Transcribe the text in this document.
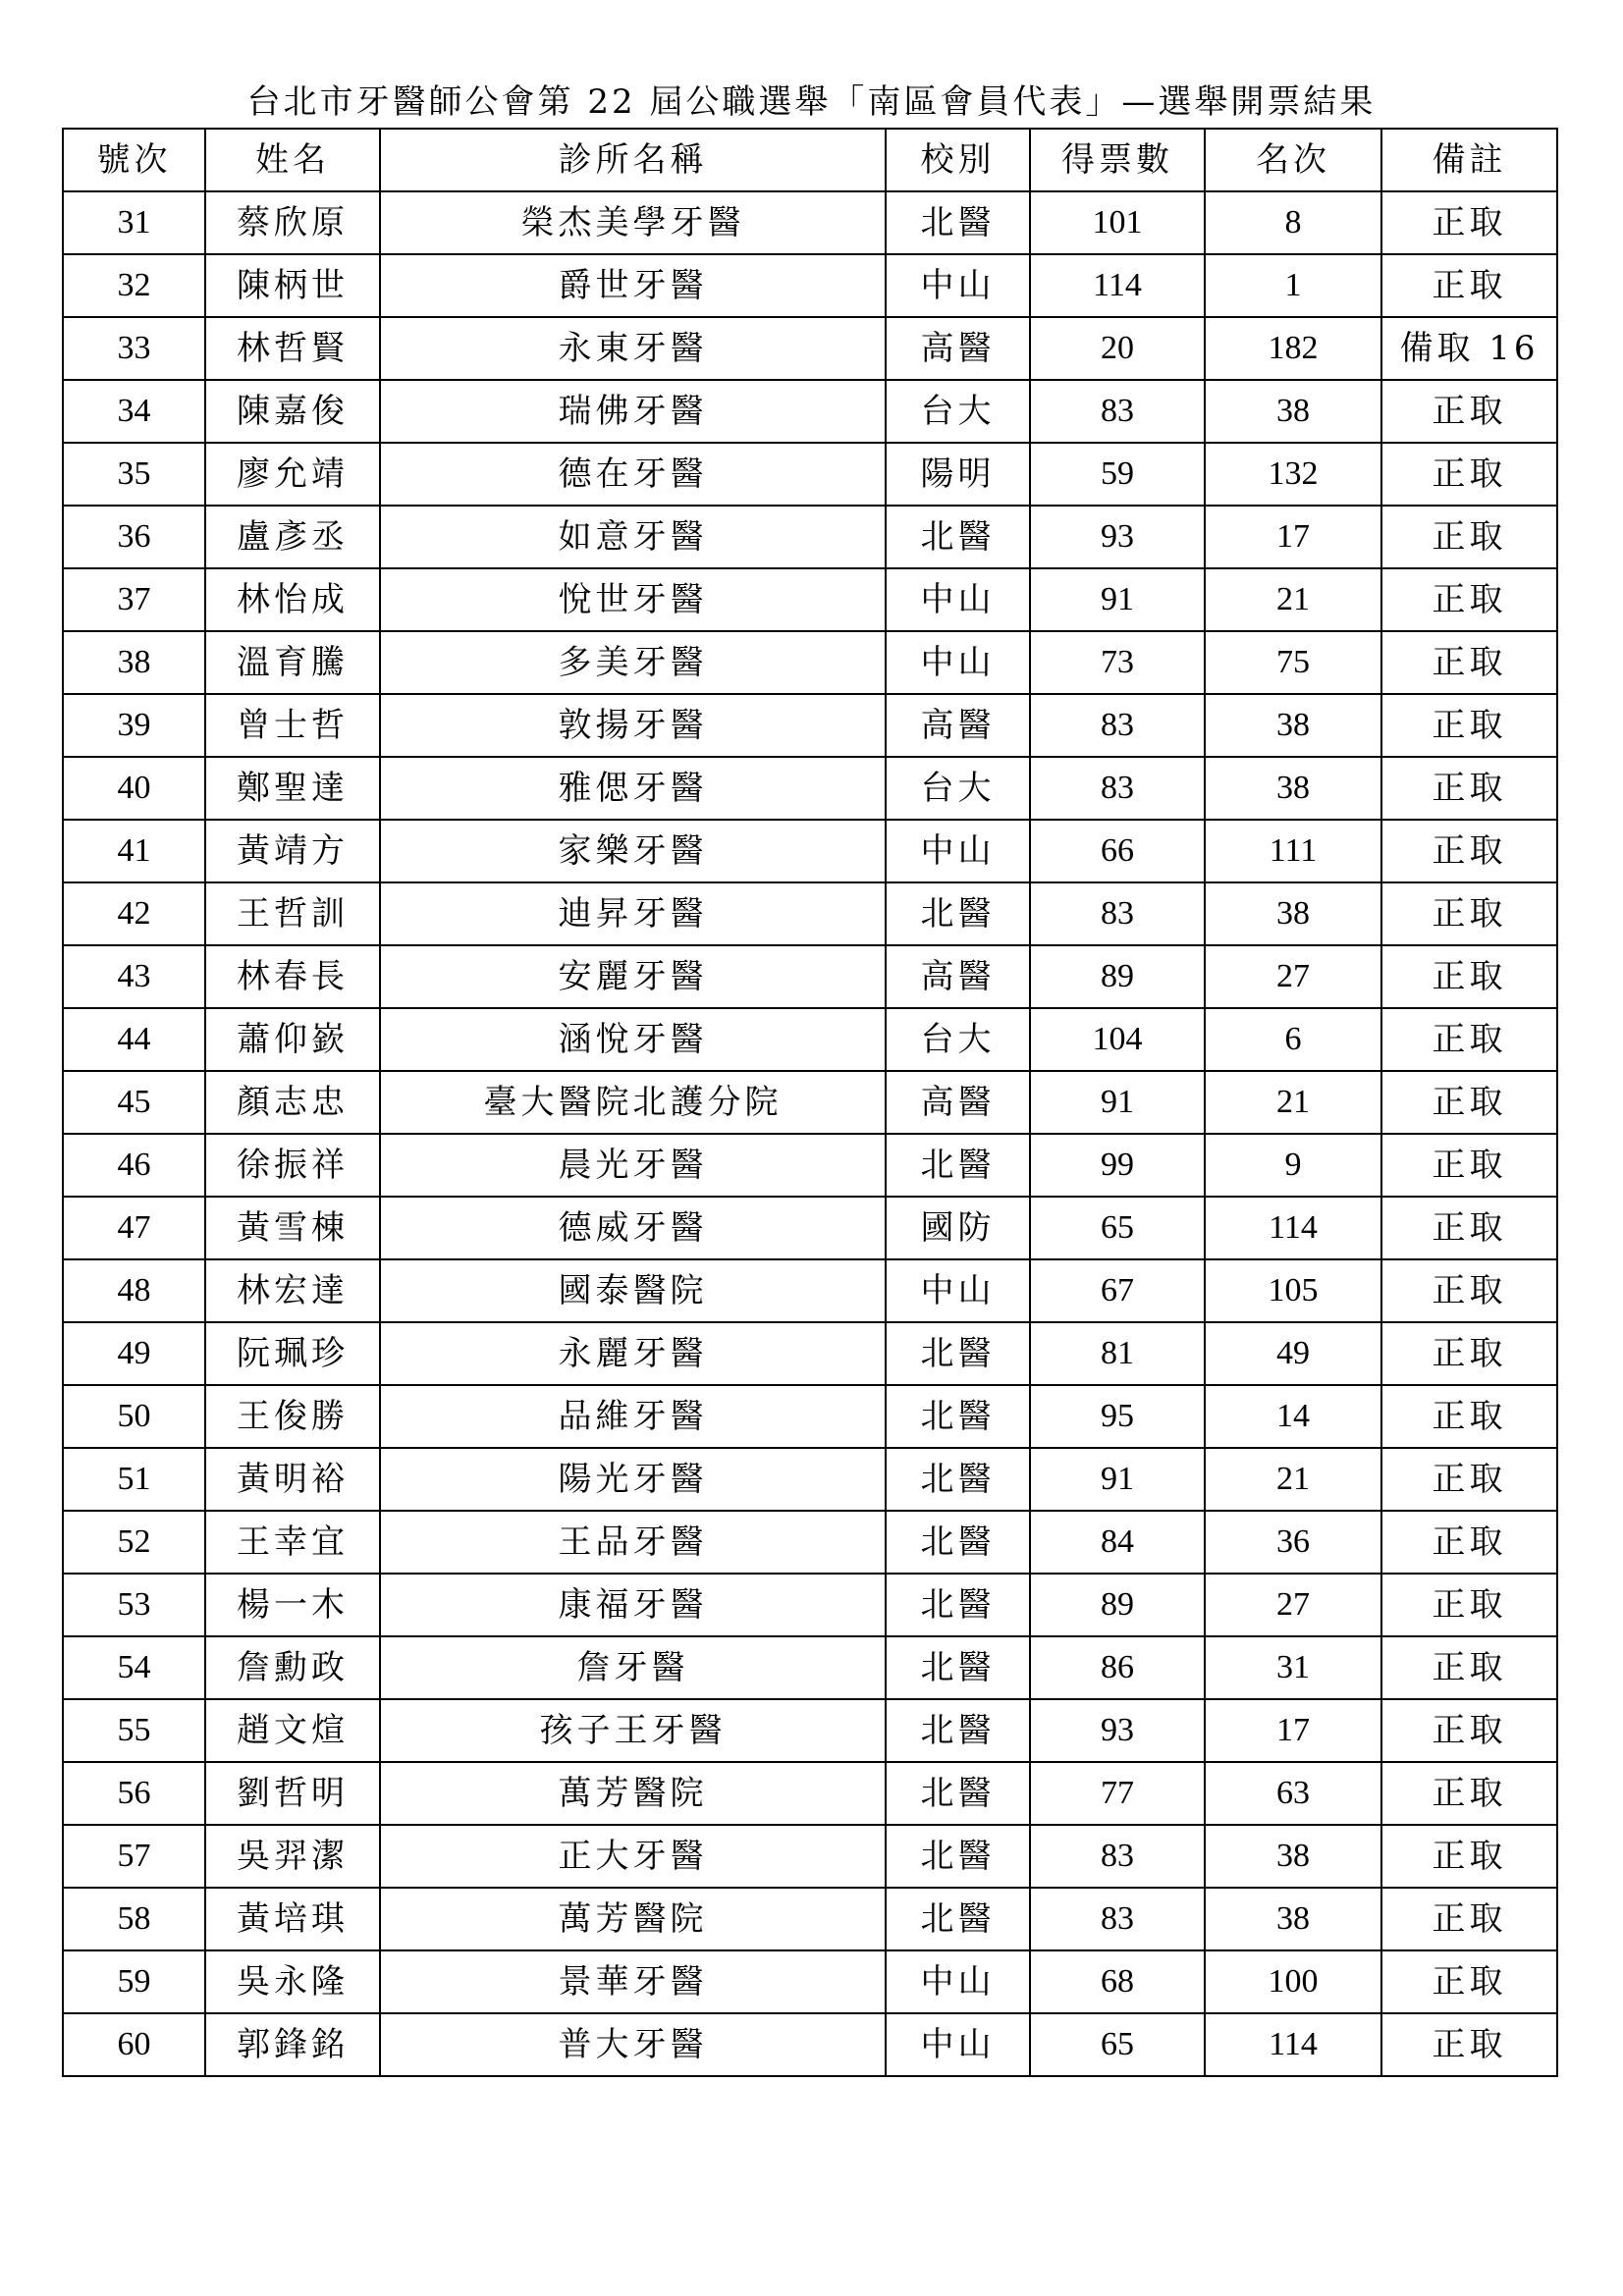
台北市牙醫師公會第 22 屆公職選舉「南區會員代表」—選舉開票結果
號次	姓名	診所名稱	校別	得票數	名次	備註
31	蔡欣原	榮杰美學牙醫	北醫	101	8	正取
32	陳柄世	爵世牙醫	中山	114	1	正取
33	林哲賢	永東牙醫	高醫	20	182	備取 16
34	陳嘉俊	瑞佛牙醫	台大	83	38	正取
35	廖允靖	德在牙醫	陽明	59	132	正取
36	盧彥丞	如意牙醫	北醫	93	17	正取
37	林怡成	悅世牙醫	中山	91	21	正取
38	溫育騰	多美牙醫	中山	73	75	正取
39	曾士哲	敦揚牙醫	高醫	83	38	正取
40	鄭聖達	雅偲牙醫	台大	83	38	正取
41	黃靖方	家樂牙醫	中山	66	111	正取
42	王哲訓	迪昇牙醫	北醫	83	38	正取
43	林春長	安麗牙醫	高醫	89	27	正取
44	蕭仰嶔	涵悅牙醫	台大	104	6	正取
45	顏志忠	臺大醫院北護分院	高醫	91	21	正取
46	徐振祥	晨光牙醫	北醫	99	9	正取
47	黃雪棟	德威牙醫	國防	65	114	正取
48	林宏達	國泰醫院	中山	67	105	正取
49	阮珮珍	永麗牙醫	北醫	81	49	正取
50	王俊勝	品維牙醫	北醫	95	14	正取
51	黃明裕	陽光牙醫	北醫	91	21	正取
52	王幸宜	王品牙醫	北醫	84	36	正取
53	楊一木	康福牙醫	北醫	89	27	正取
54	詹勳政	詹牙醫	北醫	86	31	正取
55	趙文煊	孩子王牙醫	北醫	93	17	正取
56	劉哲明	萬芳醫院	北醫	77	63	正取
57	吳羿潔	正大牙醫	北醫	83	38	正取
58	黃培琪	萬芳醫院	北醫	83	38	正取
59	吳永隆	景華牙醫	中山	68	100	正取
60	郭鋒銘	普大牙醫	中山	65	114	正取
